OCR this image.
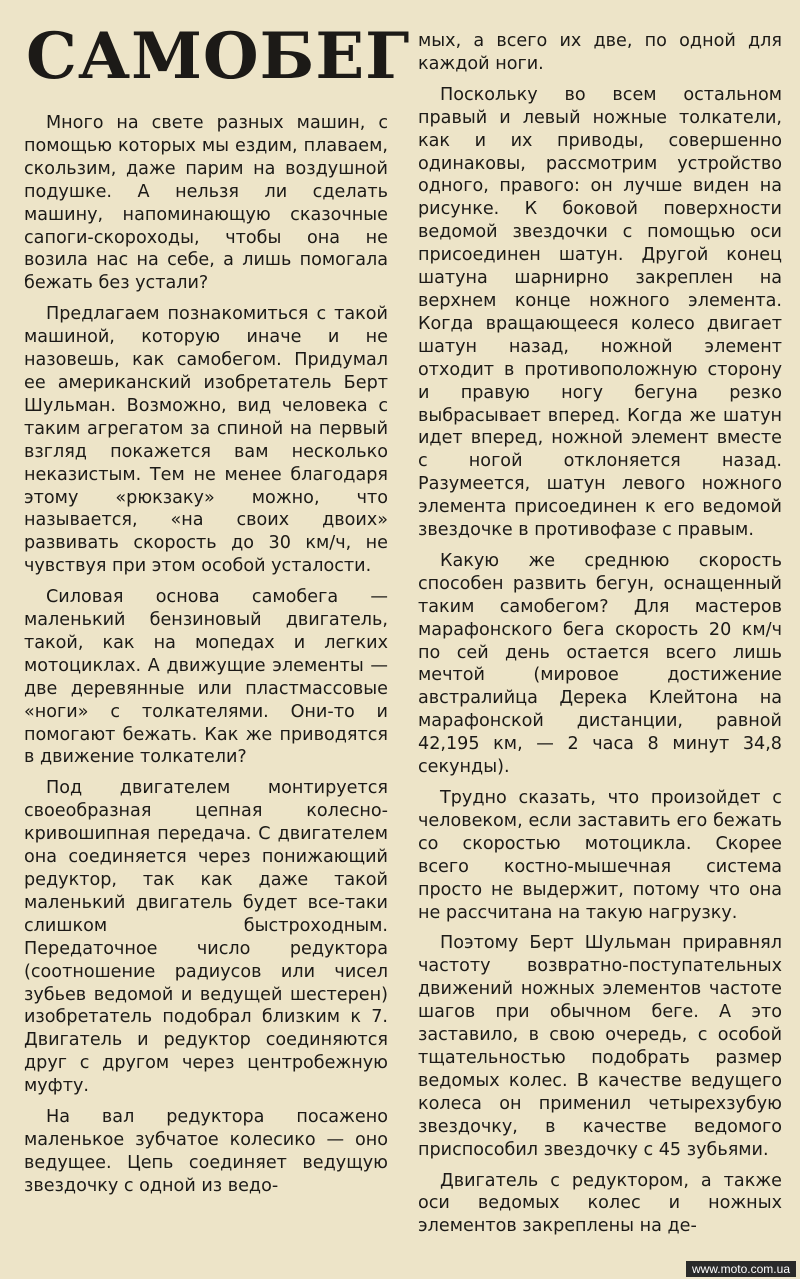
САМОБЕГ

Много на свете разных машин, с помощью которых мы ездим, плаваем, скользим, даже парим на воздушной подушке. А нельзя ли сделать машину, напоминающую сказочные сапоги-скороходы, чтобы она не возила нас на себе, а лишь помогала бежать без устали?

Предлагаем познакомиться с такой машиной, которую иначе и не назовешь, как самобегом. Придумал ее американский изобретатель Берт Шульман. Возможно, вид человека с таким агрегатом за спиной на первый взгляд покажется вам несколько неказистым. Тем не менее благодаря этому «рюкзаку» можно, что называется, «на своих двоих» развивать скорость до 30 км/ч, не чувствуя при этом особой усталости.

Силовая основа самобега — маленький бензиновый двигатель, такой, как на мопедах и легких мотоциклах. А движущие элементы — две деревянные или пластмассовые «ноги» с толкателями. Они-то и помогают бежать. Как же приводятся в движение толкатели?

Под двигателем монтируется своеобразная цепная колесно-кривошипная передача. С двигателем она соединяется через понижающий редуктор, так как даже такой маленький двигатель будет все-таки слишком быстроходным. Передаточное число редуктора (соотношение радиусов или чисел зубьев ведомой и ведущей шестерен) изобретатель подобрал близким к 7. Двигатель и редуктор соединяются друг с другом через центробежную муфту.

На вал редуктора посажено маленькое зубчатое колесико — оно ведущее. Цепь соединяет ведущую звездочку с одной из ведо-

мых, а всего их две, по одной для каждой ноги.

Поскольку во всем остальном правый и левый ножные толкатели, как и их приводы, совершенно одинаковы, рассмотрим устройство одного, правого: он лучше виден на рисунке. К боковой поверхности ведомой звездочки с помощью оси присоединен шатун. Другой конец шатуна шарнирно закреплен на верхнем конце ножного элемента. Когда вращающееся колесо двигает шатун назад, ножной элемент отходит в противоположную сторону и правую ногу бегуна резко выбрасывает вперед. Когда же шатун идет вперед, ножной элемент вместе с ногой отклоняется назад. Разумеется, шатун левого ножного элемента присоединен к его ведомой звездочке в противофазе с правым.

Какую же среднюю скорость способен развить бегун, оснащенный таким самобегом? Для мастеров марафонского бега скорость 20 км/ч по сей день остается всего лишь мечтой (мировое достижение австралийца Дерека Клейтона на марафонской дистанции, равной 42,195 км, — 2 часа 8 минут 34,8 секунды).

Трудно сказать, что произойдет с человеком, если заставить его бежать со скоростью мотоцикла. Скорее всего костно-мышечная система просто не выдержит, потому что она не рассчитана на такую нагрузку.

Поэтому Берт Шульман приравнял частоту возвратно-поступательных движений ножных элементов частоте шагов при обычном беге. А это заставило, в свою очередь, с особой тщательностью подобрать размер ведомых колес. В качестве ведущего колеса он применил четырехзубую звездочку, в качестве ведомого приспособил звездочку с 45 зубьями.

Двигатель с редуктором, а также оси ведомых колес и ножных элементов закреплены на де-

www.moto.com.ua
